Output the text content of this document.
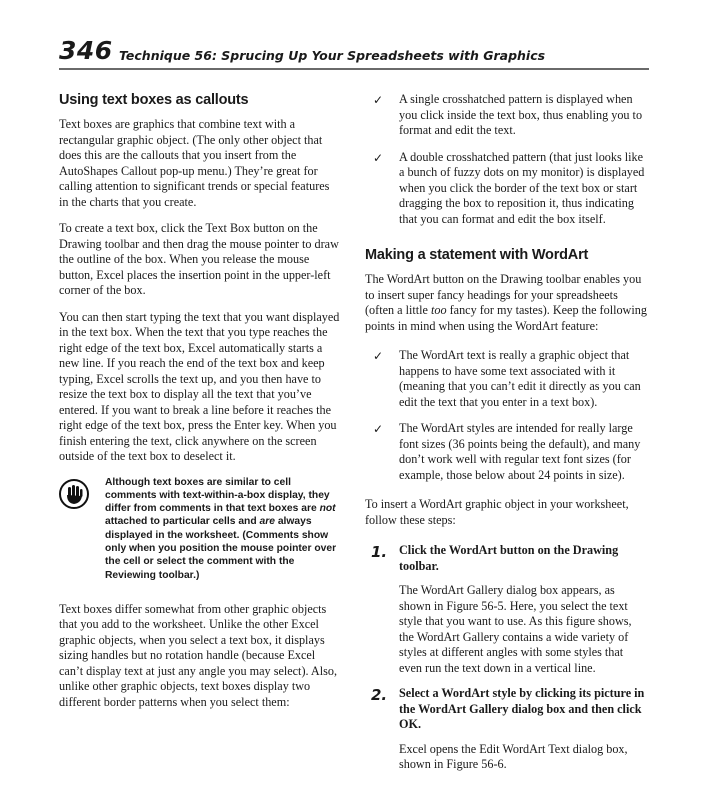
346 Technique 56: Sprucing Up Your Spreadsheets with Graphics
Using text boxes as callouts

Text boxes are graphics that combine text with a rectangular graphic object. (The only other object that does this are the callouts that you insert from the AutoShapes Callout pop-up menu.) They’re great for calling attention to significant trends or special features in the charts that you create.

To create a text box, click the Text Box button on the Drawing toolbar and then drag the mouse pointer to draw the outline of the box. When you release the mouse button, Excel places the insertion point in the upper-left corner of the box.

You can then start typing the text that you want displayed in the text box. When the text that you type reaches the right edge of the text box, Excel automatically starts a new line. If you reach the end of the text box and keep typing, Excel scrolls the text up, and you then have to resize the text box to display all the text that you’ve entered. If you want to break a line before it reaches the right edge of the text box, press the Enter key. When you finish entering the text, click anywhere on the screen outside of the text box to deselect it.

Although text boxes are similar to cell comments with text-within-a-box display, they differ from comments in that text boxes are not attached to particular cells and are always displayed in the worksheet. (Comments show only when you position the mouse pointer over the cell or select the comment with the Reviewing toolbar.)

Text boxes differ somewhat from other graphic objects that you add to the worksheet. Unlike the other Excel graphic objects, when you select a text box, it displays sizing handles but no rotation handle (because Excel can’t display text at just any angle you may select). Also, unlike other graphic objects, text boxes display two different border patterns when you select them:

✓ A single crosshatched pattern is displayed when you click inside the text box, thus enabling you to format and edit the text.
✓ A double crosshatched pattern (that just looks like a bunch of fuzzy dots on my monitor) is displayed when you click the border of the text box or start dragging the box to reposition it, thus indicating that you can format and edit the box itself.
Making a statement with WordArt

The WordArt button on the Drawing toolbar enables you to insert super fancy headings for your spreadsheets (often a little too fancy for my tastes). Keep the following points in mind when using the WordArt feature:

✓ The WordArt text is really a graphic object that happens to have some text associated with it (meaning that you can’t edit it directly as you can edit the text that you enter in a text box).
✓ The WordArt styles are intended for really large font sizes (36 points being the default), and many don’t work well with regular text font sizes (for example, those below about 24 points in size).

To insert a WordArt graphic object in your worksheet, follow these steps:

1. Click the WordArt button on the Drawing toolbar.

The WordArt Gallery dialog box appears, as shown in Figure 56-5. Here, you select the text style that you want to use. As this figure shows, the WordArt Gallery contains a wide variety of styles at different angles with some styles that even run the text down in a vertical line.

2. Select a WordArt style by clicking its picture in the WordArt Gallery dialog box and then click OK.

Excel opens the Edit WordArt Text dialog box, shown in Figure 56-6.
